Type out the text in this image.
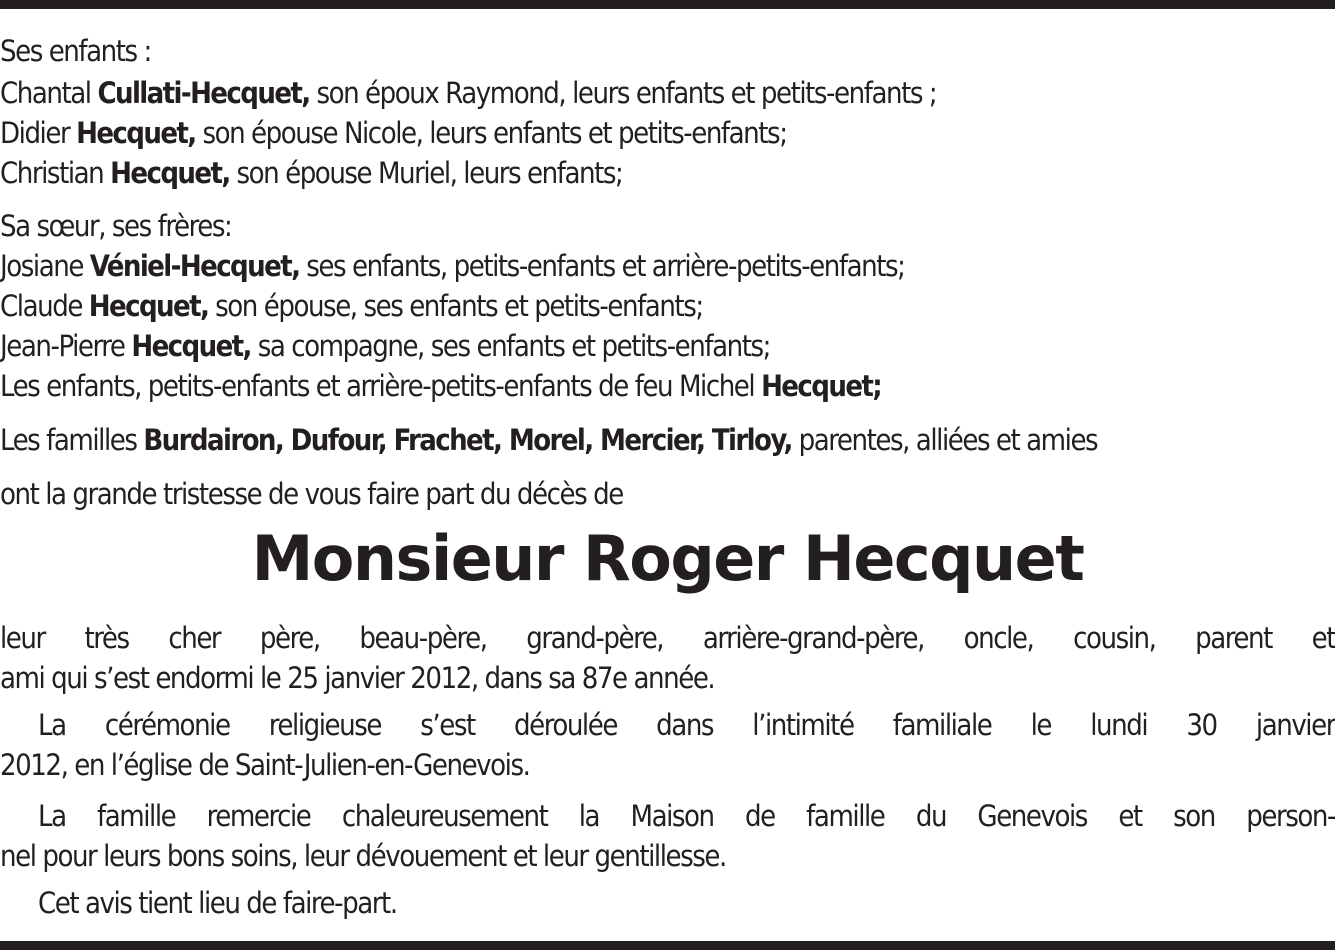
Ses enfants :
Chantal Cullati-Hecquet, son époux Raymond, leurs enfants et petits-enfants ;
Didier Hecquet, son épouse Nicole, leurs enfants et petits-enfants;
Christian Hecquet, son épouse Muriel, leurs enfants;
Sa sœur, ses frères:
Josiane Véniel-Hecquet, ses enfants, petits-enfants et arrière-petits-enfants;
Claude Hecquet, son épouse, ses enfants et petits-enfants;
Jean-Pierre Hecquet, sa compagne, ses enfants et petits-enfants;
Les enfants, petits-enfants et arrière-petits-enfants de feu Michel Hecquet;
Les familles Burdairon, Dufour, Frachet, Morel, Mercier, Tirloy, parentes, alliées et amies
ont la grande tristesse de vous faire part du décès de
Monsieur Roger Hecquet
leur très cher père, beau-père, grand-père, arrière-grand-père, oncle, cousin, parent et
ami qui s’est endormi le 25 janvier 2012, dans sa 87e année.
La cérémonie religieuse s’est déroulée dans l’intimité familiale le lundi 30 janvier
2012, en l’église de Saint-Julien-en-Genevois.
La famille remercie chaleureusement la Maison de famille du Genevois et son person-
nel pour leurs bons soins, leur dévouement et leur gentillesse.
Cet avis tient lieu de faire-part.
